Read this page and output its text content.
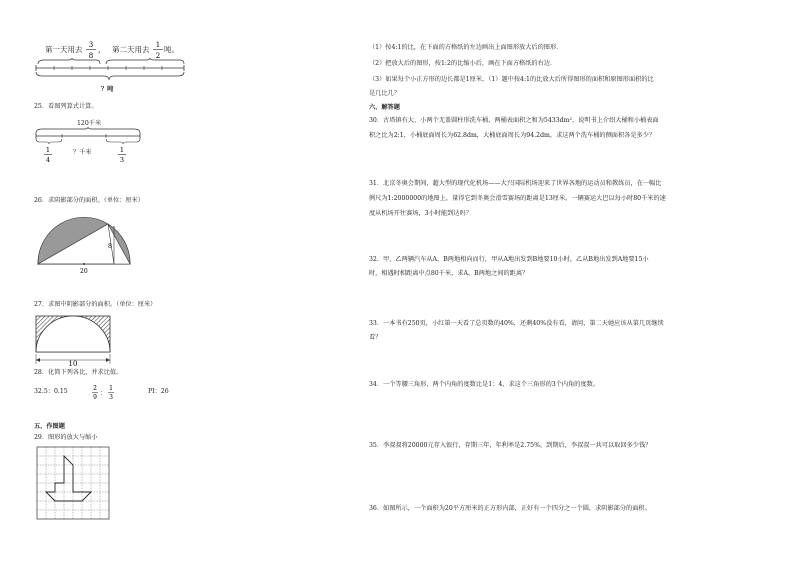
第一天用去 3
8
， 第二天用去 1
2
吨。
？吨
25．看图列算式计算。
120千米
1
4
？千米	1
3
26．求阴影部分的面积。（单位：厘米）
8
20
27．求图中阴影部分的面积。（单位：厘米）
10
28．化简下列各比，并求比值。
32.5：0.15	2
9
：
1
3
PI：26
五、作图题
29．图形的放大与缩小
（1）按4:1的比，在下面的方格纸的左边画出上面图形放大后的图形．
（2）把放大后的图形，按1:2的比缩小后，画在下面方格纸的右边．
（3）如果每个小正方形的边长都是1厘米，（1）题中按4:1的比放大后所得图形的面积和原图形面积的比
是几比几？
六、解答题
30．古塔镇有大、小两个无盖圆柱形洗车桶，两桶表面积之和为5433dm²，说明书上介绍大桶和小桶表面
积之比为2:1，小桶底面周长为62.8dm，大桶底面周长为94.2dm，求这两个洗车桶的侧面积各是多少？
31．北京冬奥会期间，超大型的现代化机场——大兴国际机场迎来了世界各地的运动员和教练员，在一幅比
例尺为1:2000000的地图上，量得它到冬奥会滑雪赛场的距离是13厘米，一辆赛运大巴以每小时80千米的速
度从机场开往赛场，3小时能到达吗？
32．甲、乙两辆汽车从A、B两地相向而行，甲从A地出发到B地要10小时，乙从B地出发到A地要15小
时，相遇时相距离中点80千米，求A、B两地之间的距离？
33．一本书有250页，小红第一天看了总页数的40%，还剩40%没有看，请问，第二天她应该从第几页继续
看？
34．一个等腰三角形，两个内角的度数比是1：4，求这个三角形的3个内角的度数。
35．李叔叔将20000元存入银行，存期三年，年利率是2.75%，到期后，李叔叔一共可以取回多少钱？
36．如图所示，一个面积为20平方厘米的正方形内部，正好有一个四分之一个圆，求阴影部分的面积。
